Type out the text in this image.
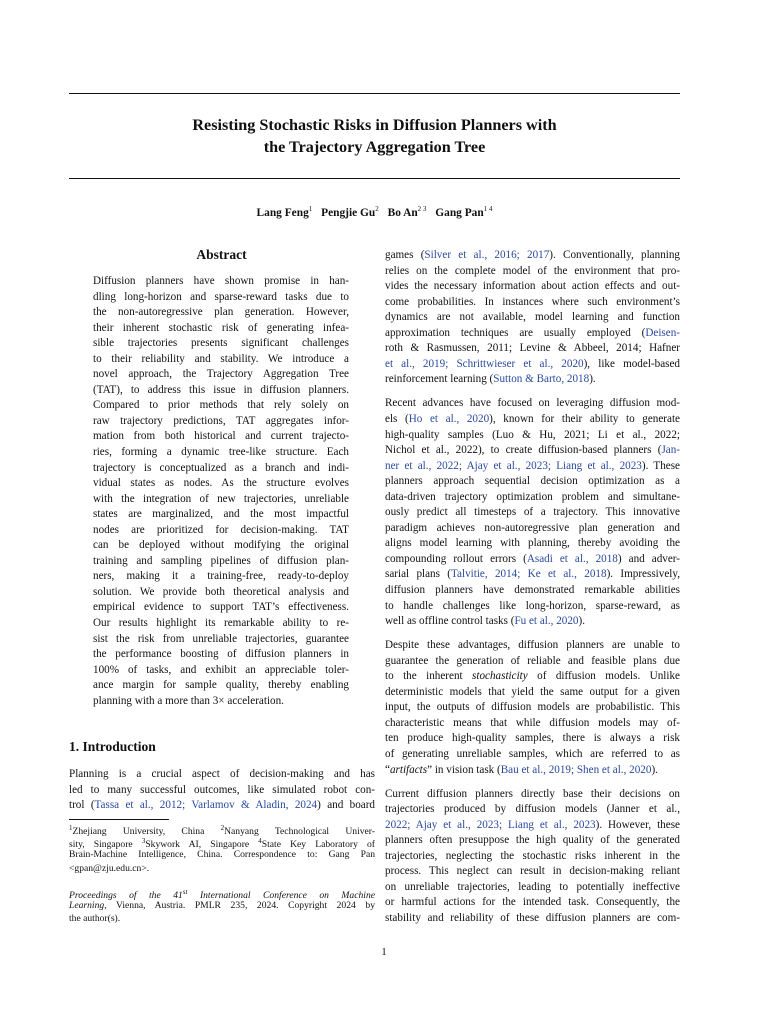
Resisting Stochastic Risks in Diffusion Planners with
the Trajectory Aggregation Tree
Lang Feng$^1$ Pengjie Gu$^2$ Bo $An^{2 3}$ Gang Pan$^{1 4}$
Abstract
Diffusion planners have shown promise in han-
dling long-horizon and sparse-reward tasks due to
the non-autoregressive plan generation. However,
their inherent stochastic risk of generating infea-
sible trajectories presents significant challenges
to their reliability and stability. We introduce a
novel approach, the Trajectory Aggregation Tree
(TAT), to address this issue in diffusion planners.
Compared to prior methods that rely solely on
raw trajectory predictions, TAT aggregates infor-
mation from both historical and current trajecto-
ries, forming a dynamic tree-like structure. Each
trajectory is conceptualized as a branch and indi-
vidual states as nodes. As the structure evolves
with the integration of new trajectories, unreliable
states are marginalized, and the most impactful
nodes are prioritized for decision-making. TAT
can be deployed without modifying the original
training and sampling pipelines of diffusion plan-
ners, making it a training-free, ready-to-deploy
solution. We provide both theoretical analysis and
empirical evidence to support TAT’s effectiveness.
Our results highlight its remarkable ability to re-
sist the risk from unreliable trajectories, guarantee
the performance boosting of diffusion planners in
100% of tasks, and exhibit an appreciable toler-
ance margin for sample quality, thereby enabling
planning with a more than 3× acceleration.
1. Introduction
Planning is a crucial aspect of decision-making and has
led to many successful outcomes, like simulated robot con-
trol (Tassa et al., 2012; Varlamov & Aladin, 2024) and board
$^1$Zhejiang University, China $^2$Nanyang Technological Univer-
sity, Singapore $^3$Skywork AI, Singapore $^4$State Key Laboratory of
Brain-Machine Intelligence, China. Correspondence to: Gang Pan
<gpan@zju.edu.cn>.
Proceedings of the 41st International Conference on Machine
Learning, Vienna, Austria. PMLR 235, 2024. Copyright 2024 by
the author(s).
games (Silver et al., 2016; 2017). Conventionally, planning
relies on the complete model of the environment that pro-
vides the necessary information about action effects and out-
come probabilities. In instances where such environment’s
dynamics are not available, model learning and function
approximation techniques are usually employed (Deisen-
roth & Rasmussen, 2011; Levine & Abbeel, 2014; Hafner
et al., 2019; Schrittwieser et al., 2020), like model-based
reinforcement learning (Sutton & Barto, 2018).
Recent advances have focused on leveraging diffusion mod-
els (Ho et al., 2020), known for their ability to generate
high-quality samples (Luo & Hu, 2021; Li et al., 2022;
Nichol et al., 2022), to create diffusion-based planners (Jan-
ner et al., 2022; Ajay et al., 2023; Liang et al., 2023). These
planners approach sequential decision optimization as a
data-driven trajectory optimization problem and simultane-
ously predict all timesteps of a trajectory. This innovative
paradigm achieves non-autoregressive plan generation and
aligns model learning with planning, thereby avoiding the
compounding rollout errors (Asadi et al., 2018) and adver-
sarial plans (Talvitie, 2014; Ke et al., 2018). Impressively,
diffusion planners have demonstrated remarkable abilities
to handle challenges like long-horizon, sparse-reward, as
well as offline control tasks (Fu et al., 2020).
Despite these advantages, diffusion planners are unable to
guarantee the generation of reliable and feasible plans due
to the inherent stochasticity of diffusion models. Unlike
deterministic models that yield the same output for a given
input, the outputs of diffusion models are probabilistic. This
characteristic means that while diffusion models may of-
ten produce high-quality samples, there is always a risk
of generating unreliable samples, which are referred to as
“artifacts” in vision task (Bau et al., 2019; Shen et al., 2020).
Current diffusion planners directly base their decisions on
trajectories produced by diffusion models (Janner et al.,
2022; Ajay et al., 2023; Liang et al., 2023). However, these
planners often presuppose the high quality of the generated
trajectories, neglecting the stochastic risks inherent in the
process. This neglect can result in decision-making reliant
on unreliable trajectories, leading to potentially ineffective
or harmful actions for the intended task. Consequently, the
stability and reliability of these diffusion planners are com-
1
